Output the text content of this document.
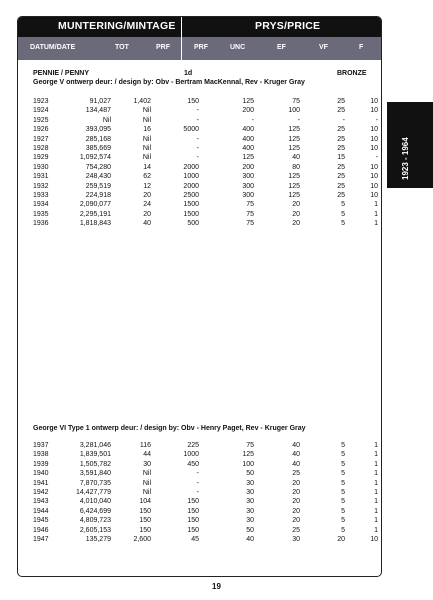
MUNTERING/MINTAGE	PRYS/PRICE
DATUM/DATE	TOT	PRF	PRF	UNC	EF	VF	F
PENNIE / PENNY	1d	BRONZE
George V ontwerp deur: / design by: Obv - Bertram MacKennal, Rev - Kruger Gray
1923	91,027	1,402	150	125	75	25	10
1924	134,487	Nil	-	200	100	25	10
1925	Nil	Nil	-	-	-	-	-
1926	393,095	16	5000	400	125	25	10
1927	285,168	Nil	-	400	125	25	10
1928	385,669	Nil	-	400	125	25	10
1929	1,092,574	Nil	-	125	40	15	-
1930	754,280	14	2000	200	80	25	10
1931	248,430	62	1000	300	125	25	10
1932	259,519	12	2000	300	125	25	10
1933	224,918	20	2500	300	125	25	10
1934	2,090,077	24	1500	75	20	5	1
1935	2,295,191	20	1500	75	20	5	1
1936	1,818,843	40	500	75	20	5	1
George VI Type 1 ontwerp deur: / design by: Obv - Henry Paget, Rev - Kruger Gray
1937	3,281,046	116	225	75	40	5	1
1938	1,839,501	44	1000	125	40	5	1
1939	1,505,782	30	450	100	40	5	1
1940	3,591,840	Nil	-	50	25	5	1
1941	7,870,735	Nil	-	30	20	5	1
1942	14,427,779	Nil	-	30	20	5	1
1943	4,010,040	104	150	30	20	5	1
1944	6,424,699	150	150	30	20	5	1
1945	4,809,723	150	150	30	20	5	1
1946	2,605,153	150	150	50	25	5	1
1947	135,279	2,600	45	40	30	20	10
1923 - 1964
19
